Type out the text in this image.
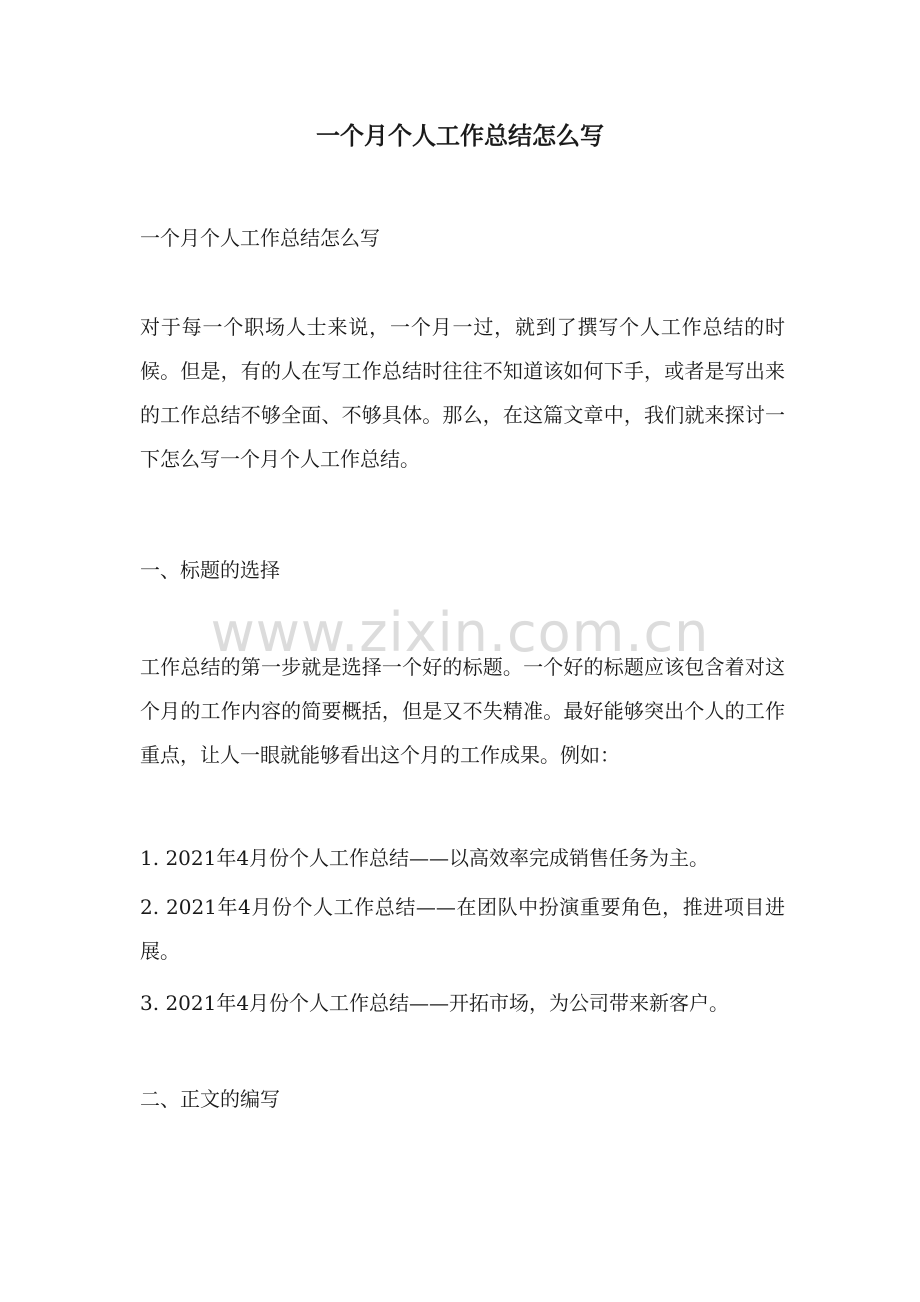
一个月个人工作总结怎么写

一个月个人工作总结怎么写

对于每一个职场人士来说，一个月一过，就到了撰写个人工作总结的时候。但是，有的人在写工作总结时往往不知道该如何下手，或者是写出来的工作总结不够全面、不够具体。那么，在这篇文章中，我们就来探讨一下怎么写一个月个人工作总结。

一、标题的选择

工作总结的第一步就是选择一个好的标题。一个好的标题应该包含着对这个月的工作内容的简要概括，但是又不失精准。最好能够突出个人的工作重点，让人一眼就能够看出这个月的工作成果。例如：

1. 2021年4月份个人工作总结——以高效率完成销售任务为主。

2. 2021年4月份个人工作总结——在团队中扮演重要角色，推进项目进展。

3. 2021年4月份个人工作总结——开拓市场，为公司带来新客户。

二、正文的编写

www.zixin.com.cn
